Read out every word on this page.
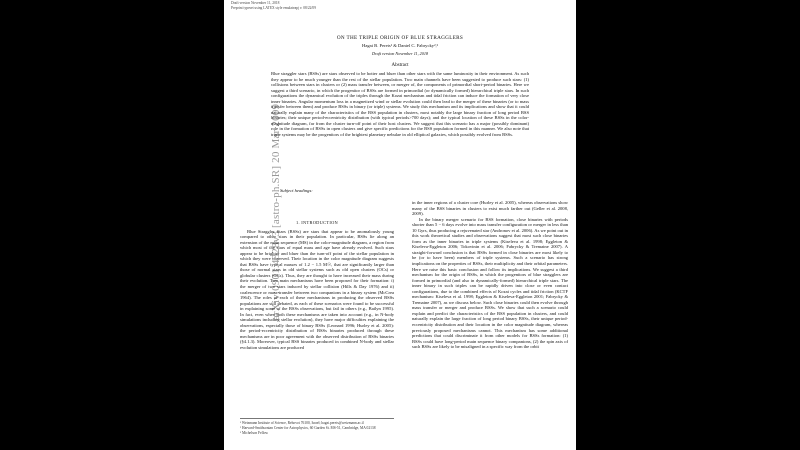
Draft version November 11, 2018
Preprint typeset using LATEX style emulateapj v. 08/22/09
arXiv:0901.4328v3 [astro-ph.SR] 20 Mar 2009
ON THE TRIPLE ORIGIN OF BLUE STRAGGLERS
Hagai B. Perets¹ & Daniel C. Fabrycky²,³
Draft version November 11, 2018
Abstract
Blue straggler stars (BSSs) are stars observed to be hotter and bluer than other stars with the same luminosity in their environment. As such they appear to be much younger than the rest of the stellar population. Two main channels have been suggested to produce such stars: (1) collisions between stars in clusters or (2) mass transfer between, or merger of, the components of primordial short-period binaries. Here we suggest a third scenario, in which the progenitor of BSSs are formed in primordial (or dynamically formed) hierarchical triple stars. In such configurations the dynamical evolution of the triples through the Kozai mechanism and tidal friction can induce the formation of very close inner binaries. Angular momentum loss in a magnetized wind or stellar evolution could then lead to the merger of these binaries (or to mass transfer between them) and produce BSSs in binary (or triple) systems. We study this mechanism and its implications and show that it could naturally explain many of the characteristics of the BSS population in clusters, most notably the large binary fraction of long period BSS binaries; their unique period-eccentricity distribution (with typical periods>700 days); and the typical location of these BSSs in the color-magnitude diagram, far from the cluster turn-off point of their host clusters. We suggest that this scenario has a major (possibly dominant) role in the formation of BSSs in open clusters and give specific predictions for the BSS population formed in this manner. We also note that triple systems may be the progenitors of the brightest planetary nebulae in old elliptical galaxies, which possibly evolved from BSSs.
Subject headings:
1. INTRODUCTION

Blue Straggler Stars (BSSs) are stars that appear to be anomalously young compared to other stars in their population. In particular, BSSs lie along an extension of the main sequence (MS) in the color-magnitude diagram, a region from which most of the stars of equal mass and age have already evolved. Such stars appear to be brighter and bluer than the turn-off point of the stellar population in which they were observed. Their location in the color magnitude diagram suggests that BSSs have typical masses of 1.2 − 1.5 M☉, that are significantly larger than those of normal stars in old stellar systems such as old open clusters (OCs) or globular clusters (GCs). Thus, they are thought to have increased their mass during their evolution. Two main mechanisms have been proposed for their formation: i) the merger of two stars induced by stellar collision (Hills & Day 1976) and ii) coalescence or mass-transfer between two companions in a binary system (McCrea 1964). The roles of each of these mechanisms in producing the observed BSSs populations are still debated, as each of these scenarios were found to be successful in explaining some of the BSSs observations, but fail in others (e.g., Bailyn 1995). In fact, even when both these mechanisms are taken into account (e.g., in N-body simulations including stellar evolution), they have major difficulties explaining the observations, especially those of binary BSSs (Leonard 1996; Hurley et al. 2005): the period-eccentricity distribution of BSSs binaries produced through these mechanisms are in poor agreement with the observed distribution of BSSs binaries (§4.1.3). Moreover, typical BSS binaries produced in combined N-body and stellar evolution simulations are produced

in the inner regions of a cluster core (Hurley et al. 2005), whereas observations show many of the BSS binaries in clusters to exist much farther out (Geller et al. 2008, 2009).

In the binary merger scenario for BSS formation, close binaries with periods shorter than 5 − 6 days evolve into mass transfer configuration or merger in less than 10 Gyrs, thus producing a rejuvenated star (Andronov et al. 2006). As we point out in this work theoretical studies and observations suggest that most such close binaries form as the inner binaries in triple systems (Kiseleva et al. 1998; Eggleton & Kiseleva-Eggleton 2006; Tokovinin et al. 2006; Fabrycky & Tremaine 2007). A straight-forward conclusion is that BSSs formed in close binaries are most likely to be (or to have been) members of triple systems. Such a scenario has strong implications on the properties of BSSs, their multiplicity and their orbital parameters. Here we raise this basic conclusion and follow its implications. We suggest a third mechanism for the origin of BSSs, in which the progenitors of blue stragglers are formed in primordial (and also in dynamically-formed) hierarchical triple stars. The inner binary in such triples can be rapidly driven into close or even contact configurations, due to the combined effects of Kozai cycles and tidal friction (KCTF mechanism: Kiseleva et al. 1998; Eggleton & Kiseleva-Eggleton 2001; Fabrycky & Tremaine 2007), as we discuss below. Such close binaries could then evolve through mass transfer or merger and produce BSSs. We show that such a scenario could explain and predict the characteristics of the BSS population in clusters, and could naturally explain the large fraction of long period binary BSSs, their unique period-eccentricity distribution and their location in the color magnitude diagram, whereas previously proposed mechanisms cannot. This mechanism has some additional predictions that could discriminate it from other models for BSSs formation: (1) BSSs could have long-period main sequence binary companions, (2) the spin axis of such BSSs are likely to be misaligned in a specific way from the orbit

¹ Weizmann Institute of Science, Rehovot 76100, Israel; hagai.perets@weizmann.ac.il
² Harvard-Smithsonian Center for Astrophysics, 60 Garden St. MS-51, Cambridge, MA 02138
³ Michelson Fellow
